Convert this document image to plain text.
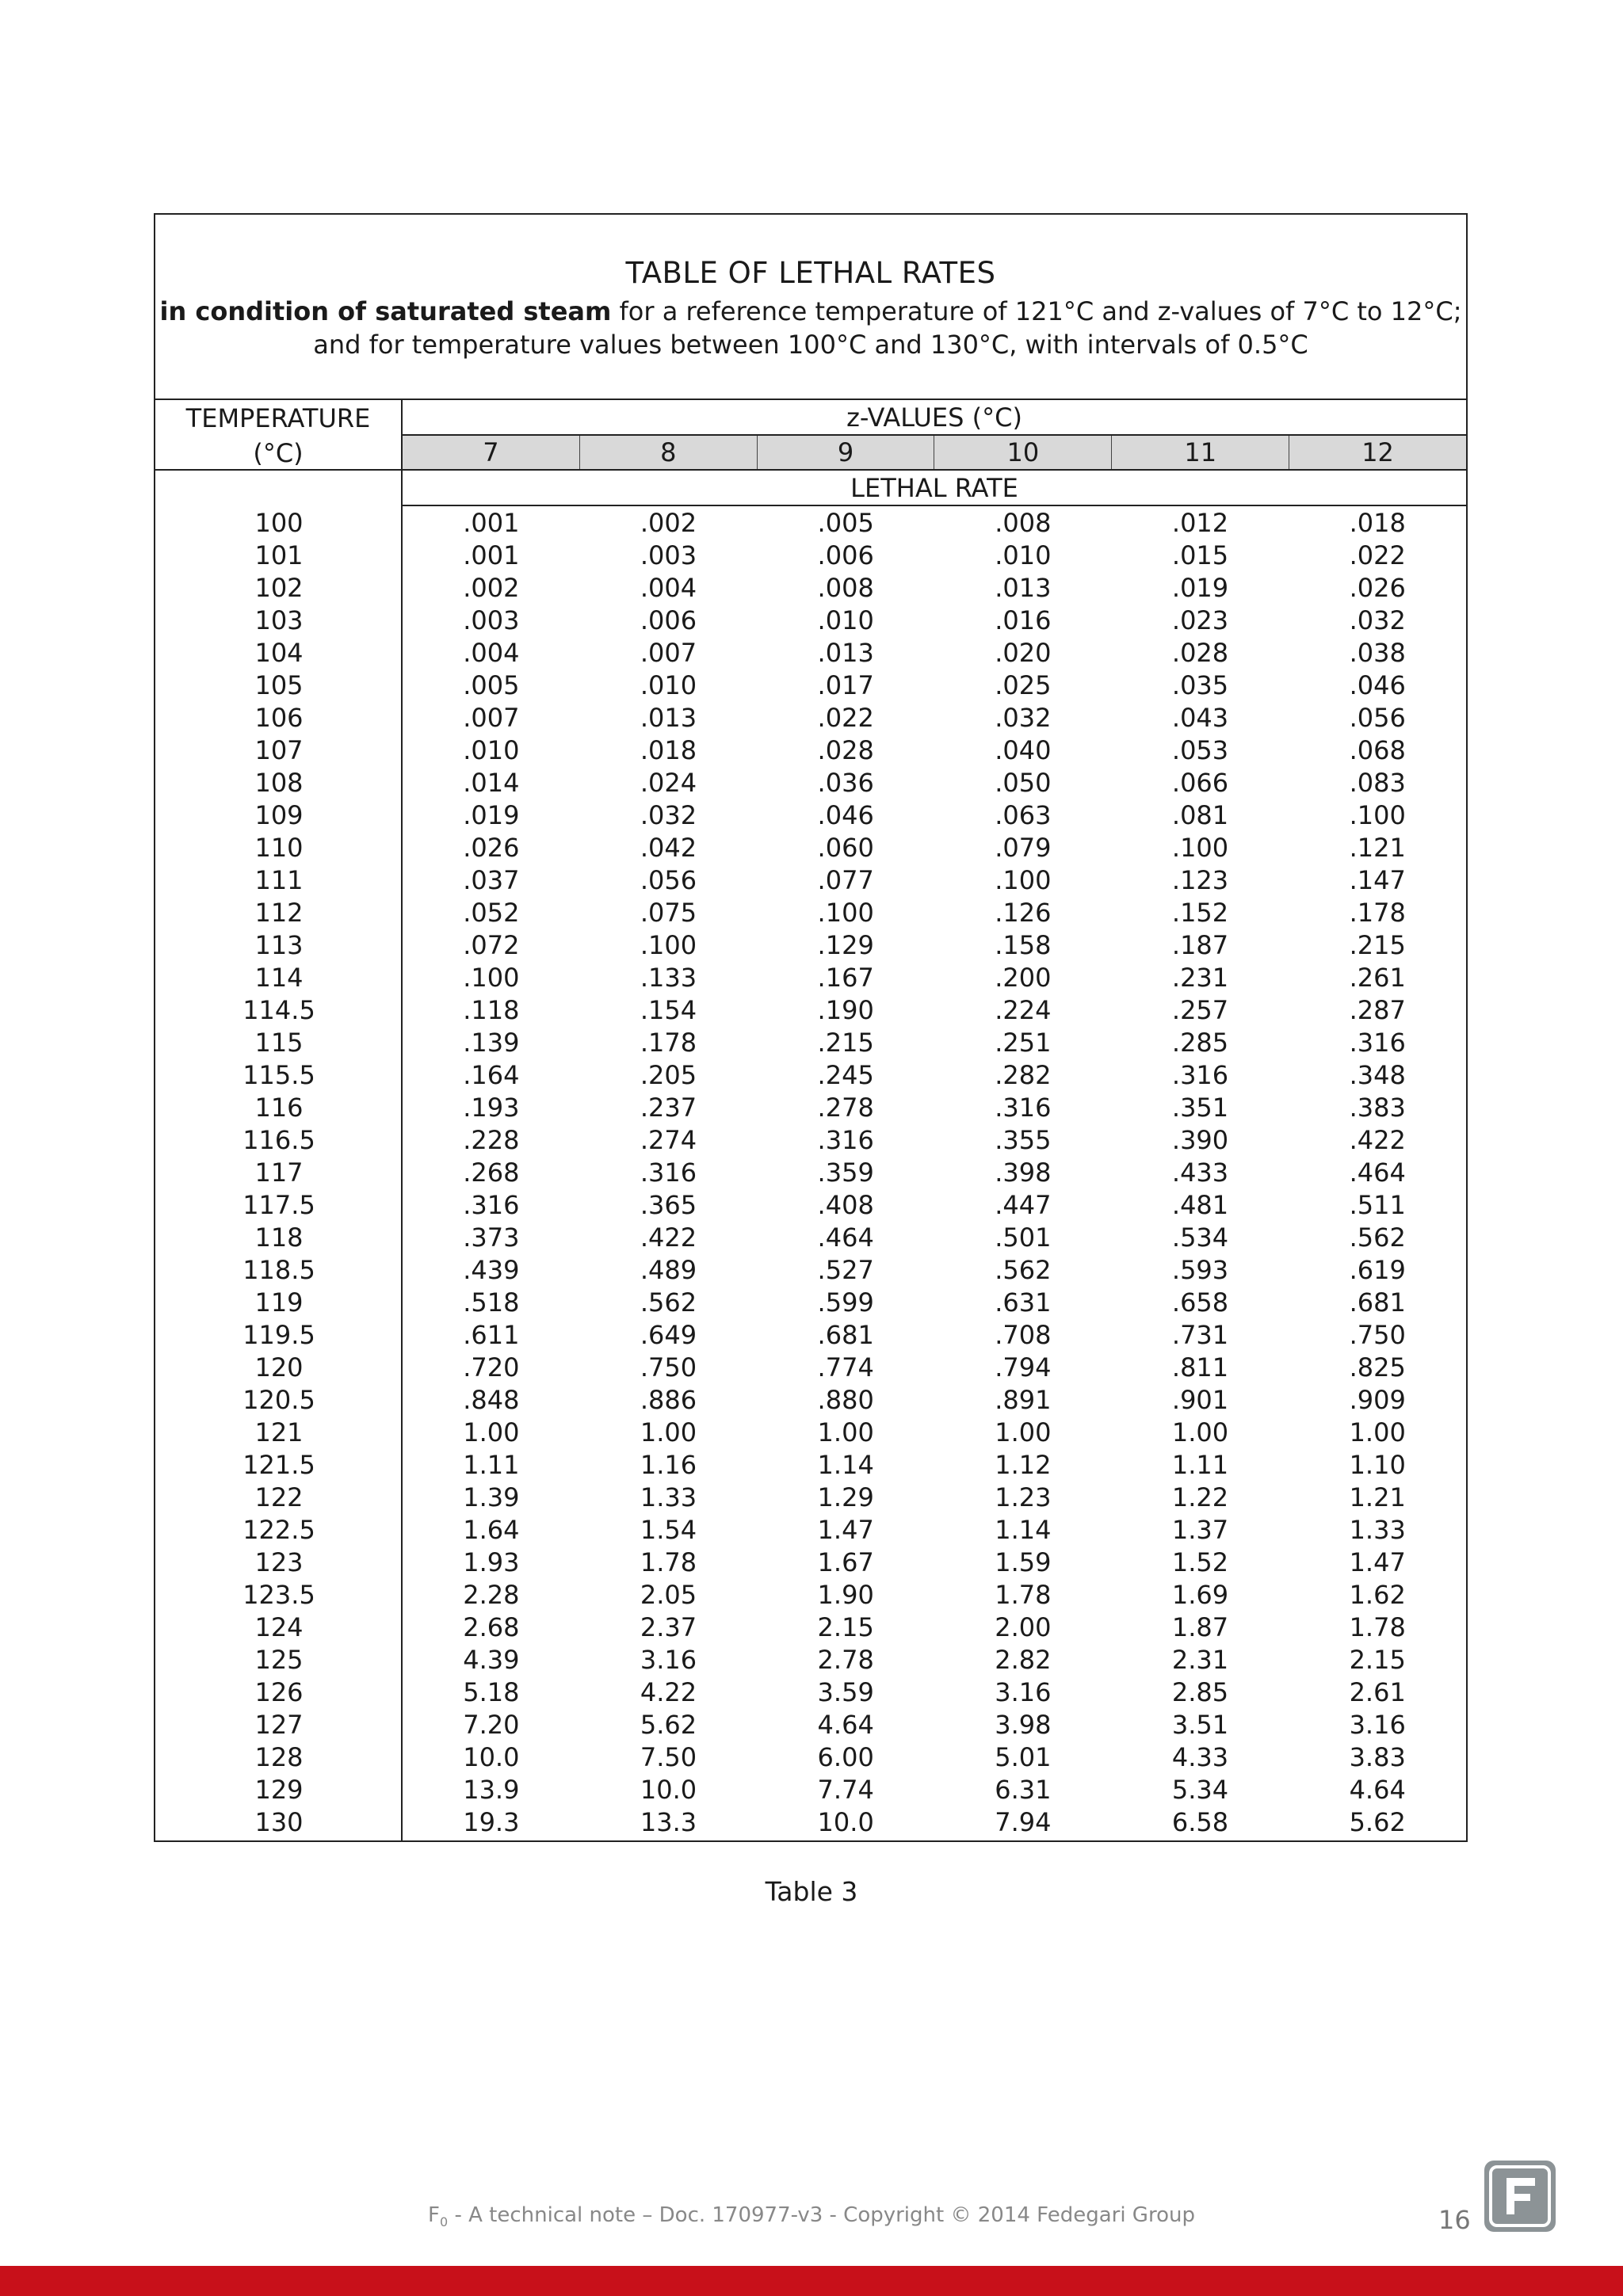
TABLE OF LETHAL RATES
in condition of saturated steam for a reference temperature of 121°C and z-values of 7°C to 12°C;
and for temperature values between 100°C and 130°C, with intervals of 0.5°C
TEMPERATURE
(°C)
z-VALUES (°C)
7	8	9	10	11	12
LETHAL RATE
100	.001	.002	.005	.008	.012	.018
101	.001	.003	.006	.010	.015	.022
102	.002	.004	.008	.013	.019	.026
103	.003	.006	.010	.016	.023	.032
104	.004	.007	.013	.020	.028	.038
105	.005	.010	.017	.025	.035	.046
106	.007	.013	.022	.032	.043	.056
107	.010	.018	.028	.040	.053	.068
108	.014	.024	.036	.050	.066	.083
109	.019	.032	.046	.063	.081	.100
110	.026	.042	.060	.079	.100	.121
111	.037	.056	.077	.100	.123	.147
112	.052	.075	.100	.126	.152	.178
113	.072	.100	.129	.158	.187	.215
114	.100	.133	.167	.200	.231	.261
114.5	.118	.154	.190	.224	.257	.287
115	.139	.178	.215	.251	.285	.316
115.5	.164	.205	.245	.282	.316	.348
116	.193	.237	.278	.316	.351	.383
116.5	.228	.274	.316	.355	.390	.422
117	.268	.316	.359	.398	.433	.464
117.5	.316	.365	.408	.447	.481	.511
118	.373	.422	.464	.501	.534	.562
118.5	.439	.489	.527	.562	.593	.619
119	.518	.562	.599	.631	.658	.681
119.5	.611	.649	.681	.708	.731	.750
120	.720	.750	.774	.794	.811	.825
120.5	.848	.886	.880	.891	.901	.909
121	1.00	1.00	1.00	1.00	1.00	1.00
121.5	1.11	1.16	1.14	1.12	1.11	1.10
122	1.39	1.33	1.29	1.23	1.22	1.21
122.5	1.64	1.54	1.47	1.14	1.37	1.33
123	1.93	1.78	1.67	1.59	1.52	1.47
123.5	2.28	2.05	1.90	1.78	1.69	1.62
124	2.68	2.37	2.15	2.00	1.87	1.78
125	4.39	3.16	2.78	2.82	2.31	2.15
126	5.18	4.22	3.59	3.16	2.85	2.61
127	7.20	5.62	4.64	3.98	3.51	3.16
128	10.0	7.50	6.00	5.01	4.33	3.83
129	13.9	10.0	7.74	6.31	5.34	4.64
130	19.3	13.3	10.0	7.94	6.58	5.62
Table 3
$F_0$ - A technical note – Doc. 170977-v3 - Copyright © 2014 Fedegari Group	16
